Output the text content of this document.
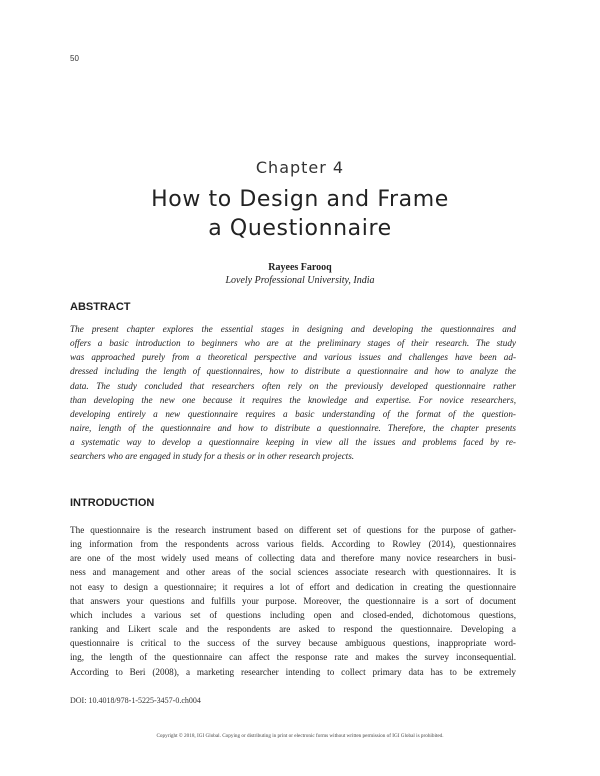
50
Chapter 4
How to Design and Frame
a Questionnaire
Rayees Farooq
Lovely Professional University, India
ABSTRACT
The present chapter explores the essential stages in designing and developing the questionnaires and
offers a basic introduction to beginners who are at the preliminary stages of their research. The study
was approached purely from a theoretical perspective and various issues and challenges have been ad-
dressed including the length of questionnaires, how to distribute a questionnaire and how to analyze the
data. The study concluded that researchers often rely on the previously developed questionnaire rather
than developing the new one because it requires the knowledge and expertise. For novice researchers,
developing entirely a new questionnaire requires a basic understanding of the format of the question-
naire, length of the questionnaire and how to distribute a questionnaire. Therefore, the chapter presents
a systematic way to develop a questionnaire keeping in view all the issues and problems faced by re-
searchers who are engaged in study for a thesis or in other research projects.
INTRODUCTION
The questionnaire is the research instrument based on different set of questions for the purpose of gather-
ing information from the respondents across various fields. According to Rowley (2014), questionnaires
are one of the most widely used means of collecting data and therefore many novice researchers in busi-
ness and management and other areas of the social sciences associate research with questionnaires. It is
not easy to design a questionnaire; it requires a lot of effort and dedication in creating the questionnaire
that answers your questions and fulfills your purpose. Moreover, the questionnaire is a sort of document
which includes a various set of questions including open and closed-ended, dichotomous questions,
ranking and Likert scale and the respondents are asked to respond the questionnaire. Developing a
questionnaire is critical to the success of the survey because ambiguous questions, inappropriate word-
ing, the length of the questionnaire can affect the response rate and makes the survey inconsequential.
According to Beri (2008), a marketing researcher intending to collect primary data has to be extremely
DOI: 10.4018/978-1-5225-3457-0.ch004
Copyright © 2018, IGI Global. Copying or distributing in print or electronic forms without written permission of IGI Global is prohibited.
